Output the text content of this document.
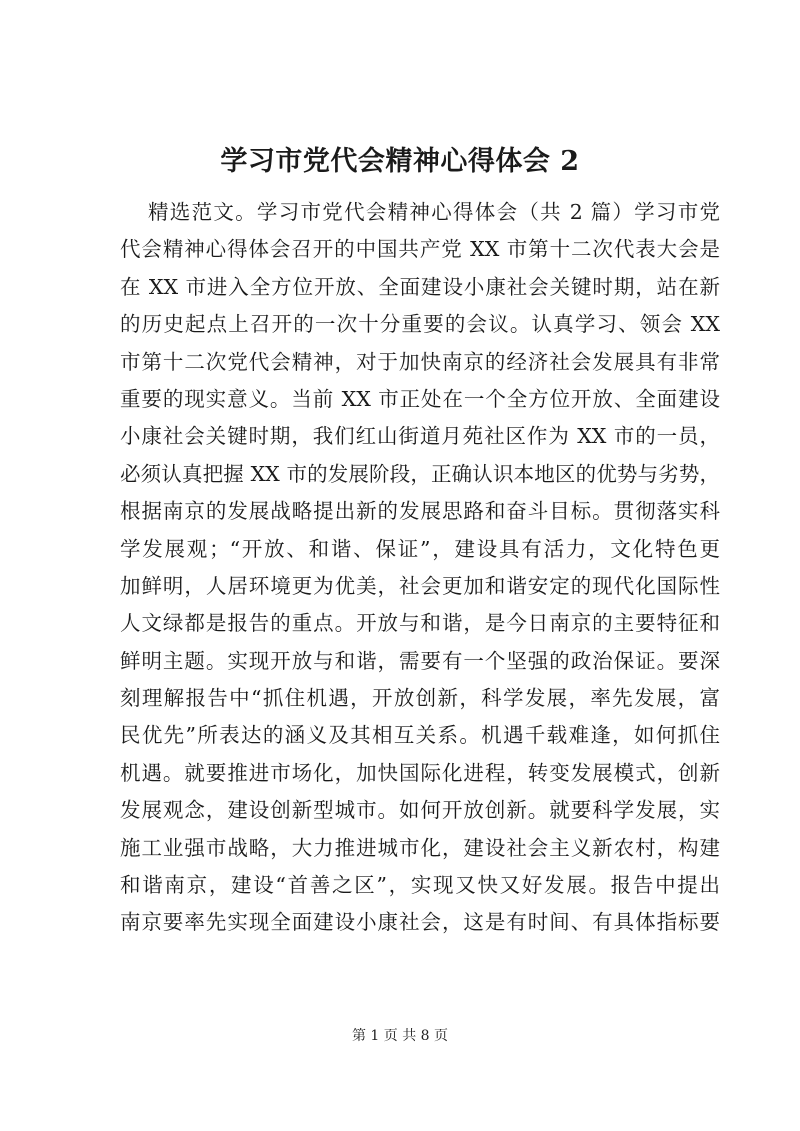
学习市党代会精神心得体会 2
精选范文。学习市党代会精神心得体会（共 2 篇）学习市党
代会精神心得体会召开的中国共产党 XX 市第十二次代表大会是
在 XX 市进入全方位开放、全面建设小康社会关键时期，站在新
的历史起点上召开的一次十分重要的会议。认真学习、领会 XX
市第十二次党代会精神，对于加快南京的经济社会发展具有非常
重要的现实意义。当前 XX 市正处在一个全方位开放、全面建设
小康社会关键时期，我们红山街道月苑社区作为 XX 市的一员，
必须认真把握 XX 市的发展阶段，正确认识本地区的优势与劣势，
根据南京的发展战略提出新的发展思路和奋斗目标。贯彻落实科
学发展观；“开放、和谐、保证”，建设具有活力，文化特色更
加鲜明，人居环境更为优美，社会更加和谐安定的现代化国际性
人文绿都是报告的重点。开放与和谐，是今日南京的主要特征和
鲜明主题。实现开放与和谐，需要有一个坚强的政治保证。要深
刻理解报告中“抓住机遇，开放创新，科学发展，率先发展，富
民优先”所表达的涵义及其相互关系。机遇千载难逢，如何抓住
机遇。就要推进市场化，加快国际化进程，转变发展模式，创新
发展观念，建设创新型城市。如何开放创新。就要科学发展，实
施工业强市战略，大力推进城市化，建设社会主义新农村，构建
和谐南京，建设“首善之区”，实现又快又好发展。报告中提出
南京要率先实现全面建设小康社会，这是有时间、有具体指标要
第 1 页 共 8 页
